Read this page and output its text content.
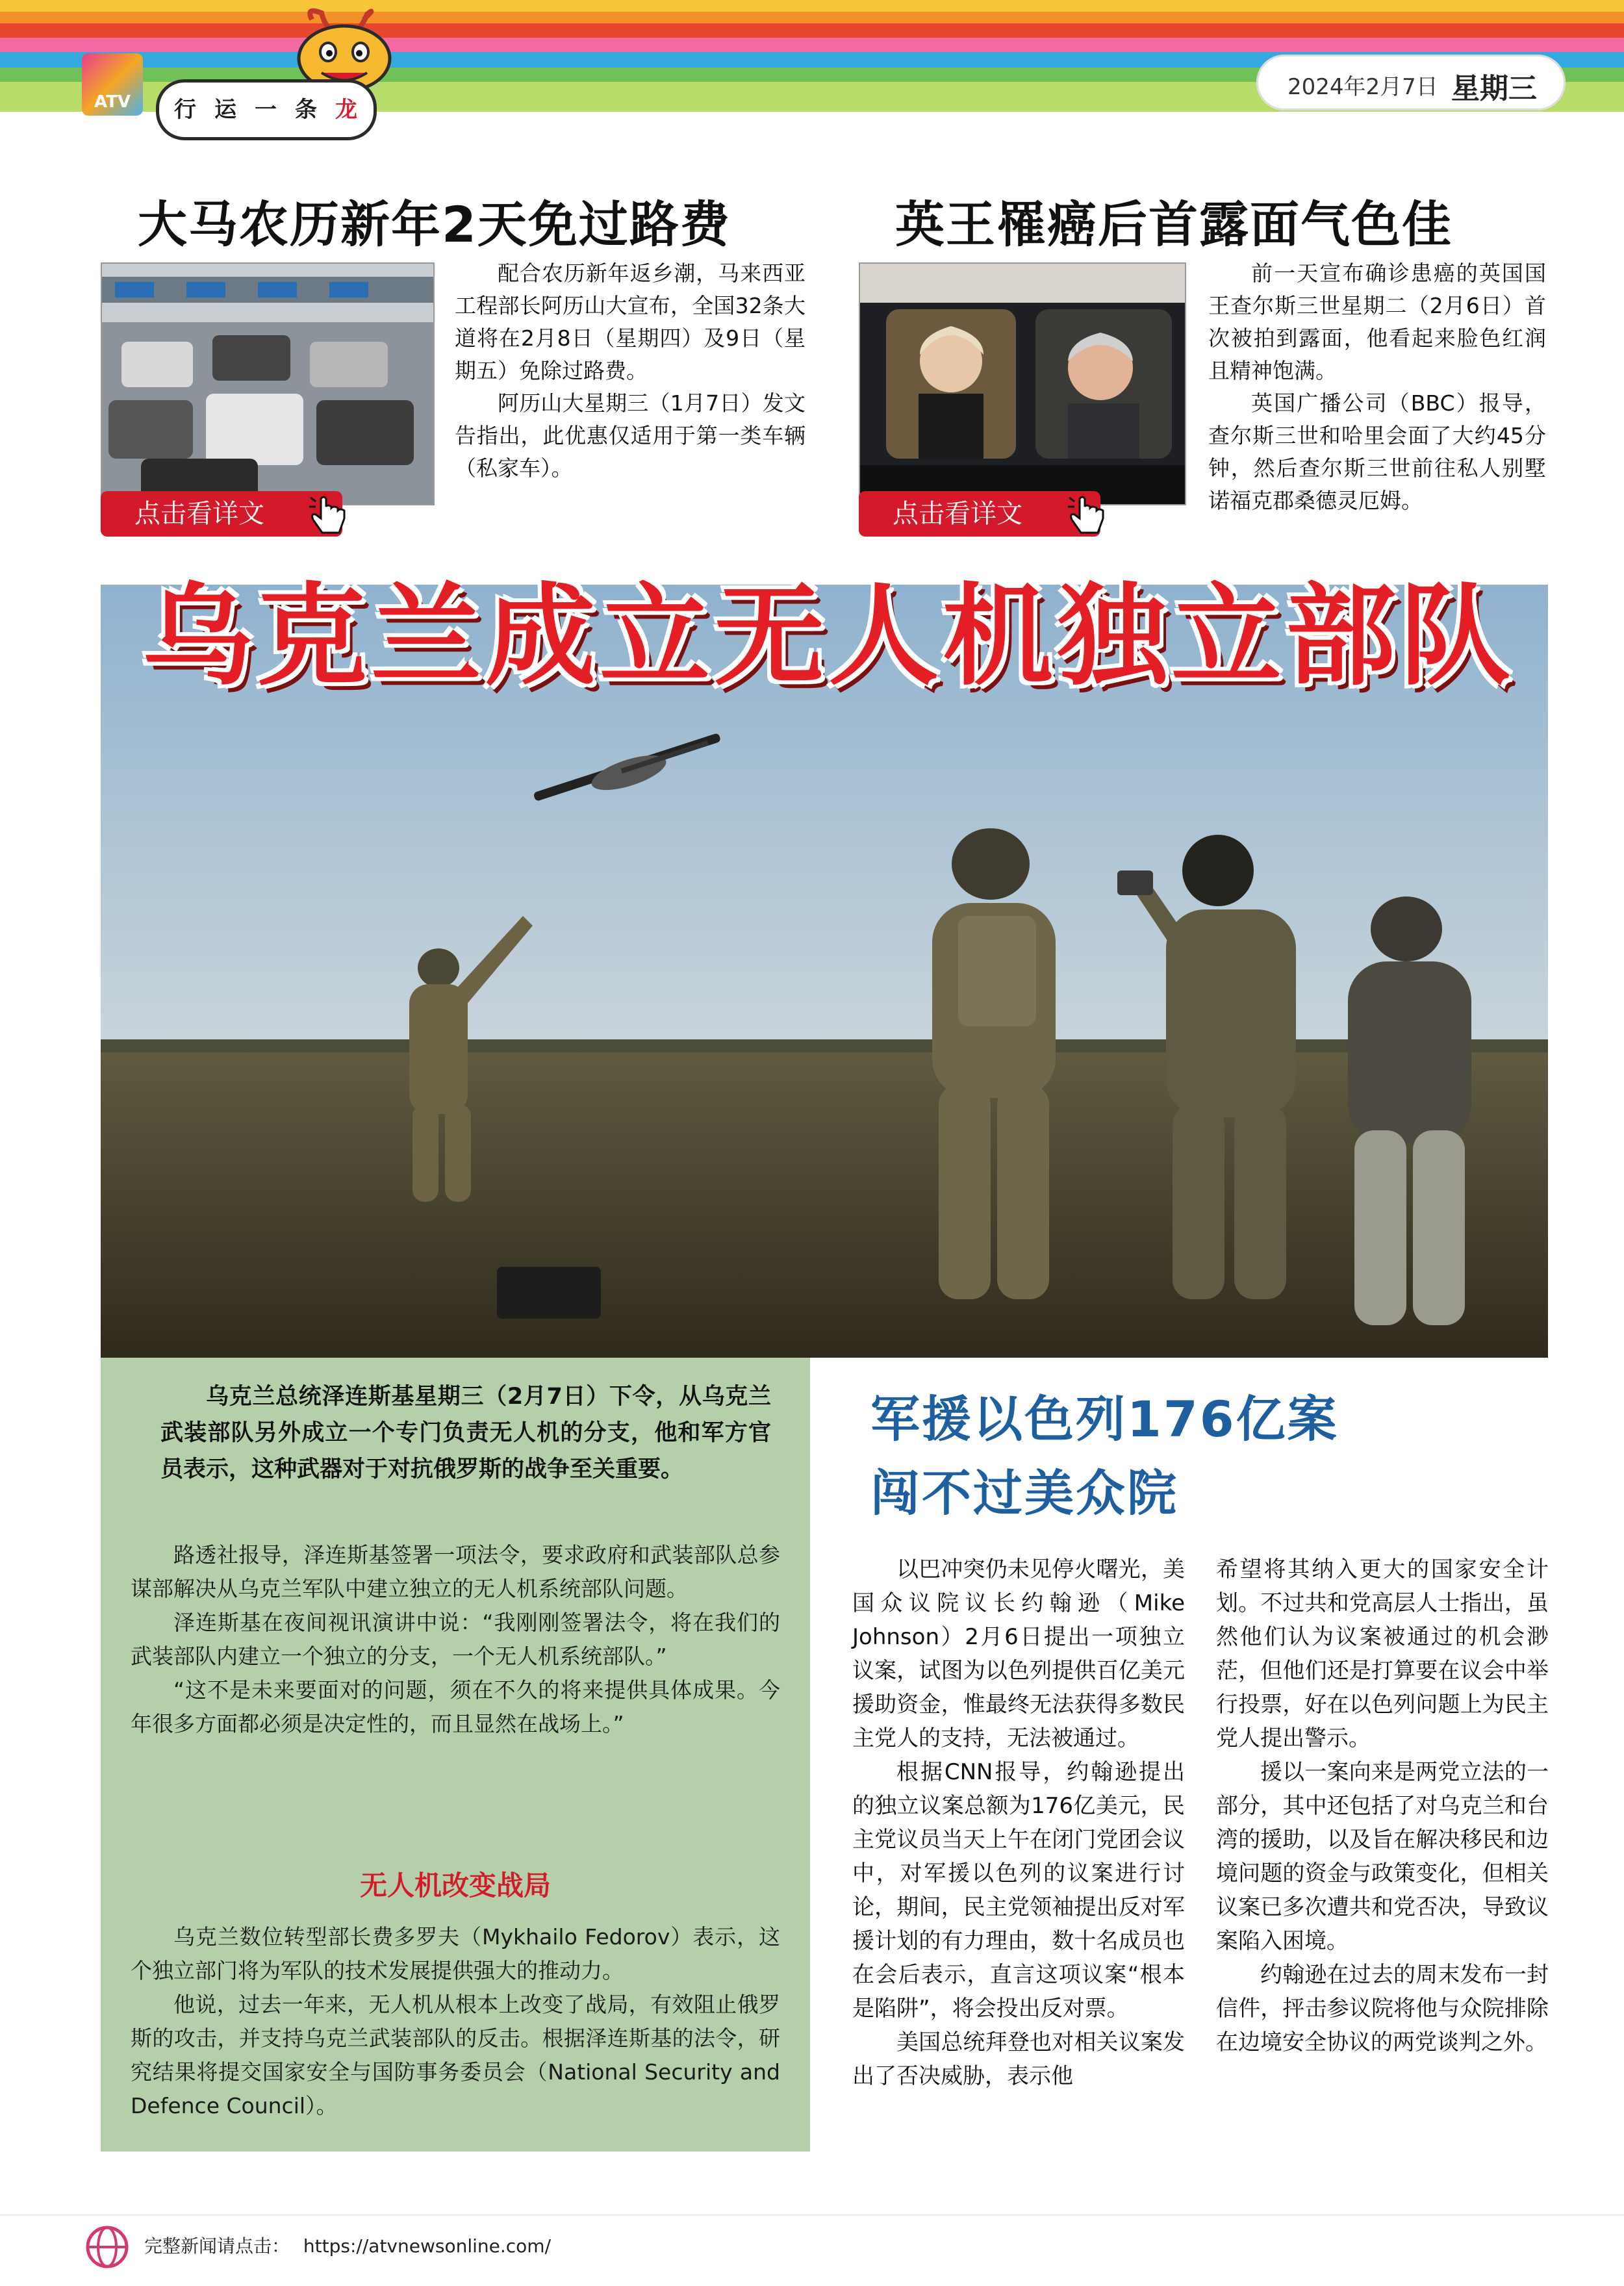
ATV	行 运 一 条 龙
2024年2月7日 星期三
大马农历新年2天免过路费
点击看详文

配合农历新年返乡潮，马来西亚工程部长阿历山大宣布，全国32条大道将在2月8日（星期四）及9日（星期五）免除过路费。

阿历山大星期三（1月7日）发文告指出，此优惠仅适用于第一类车辆（私家车）。

英王罹癌后首露面气色佳
点击看详文

前一天宣布确诊患癌的英国国王查尔斯三世星期二（2月6日）首次被拍到露面，他看起来脸色红润且精神饱满。

英国广播公司（BBC）报导，查尔斯三世和哈里会面了大约45分钟，然后查尔斯三世前往私人别墅诺福克郡桑德灵厄姆。

乌克兰成立无人机独立部队

乌克兰总统泽连斯基星期三（2月7日）下令，从乌克兰武装部队另外成立一个专门负责无人机的分支，他和军方官员表示，这种武器对于对抗俄罗斯的战争至关重要。

路透社报导，泽连斯基签署一项法令，要求政府和武装部队总参谋部解决从乌克兰军队中建立独立的无人机系统部队问题。

泽连斯基在夜间视讯演讲中说：“我刚刚签署法令，将在我们的武装部队内建立一个独立的分支，一个无人机系统部队。”

“这不是未来要面对的问题，须在不久的将来提供具体成果。今年很多方面都必须是决定性的，而且显然在战场上。”

无人机改变战局

乌克兰数位转型部长费多罗夫（Mykhailo Fedorov）表示，这个独立部门将为军队的技术发展提供强大的推动力。

他说，过去一年来，无人机从根本上改变了战局，有效阻止俄罗斯的攻击，并支持乌克兰武装部队的反击。根据泽连斯基的法令，研究结果将提交国家安全与国防事务委员会（National Security and Defence Council）。

军援以色列176亿案
闯不过美众院

以巴冲突仍未见停火曙光，美国众议院议长约翰逊（Mike Johnson）2月6日提出一项独立议案，试图为以色列提供百亿美元援助资金，惟最终无法获得多数民主党人的支持，无法被通过。

根据CNN报导，约翰逊提出的独立议案总额为176亿美元，民主党议员当天上午在闭门党团会议中，对军援以色列的议案进行讨论，期间，民主党领袖提出反对军援计划的有力理由，数十名成员也在会后表示，直言这项议案“根本是陷阱”，将会投出反对票。

美国总统拜登也对相关议案发出了否决威胁，表示他

希望将其纳入更大的国家安全计划。不过共和党高层人士指出，虽然他们认为议案被通过的机会渺茫，但他们还是打算要在议会中举行投票，好在以色列问题上为民主党人提出警示。

援以一案向来是两党立法的一部分，其中还包括了对乌克兰和台湾的援助，以及旨在解决移民和边境问题的资金与政策变化，但相关议案已多次遭共和党否决，导致议案陷入困境。

约翰逊在过去的周末发布一封信件，抨击参议院将他与众院排除在边境安全协议的两党谈判之外。

完整新闻请点击： https://atvnewsonline.com/
